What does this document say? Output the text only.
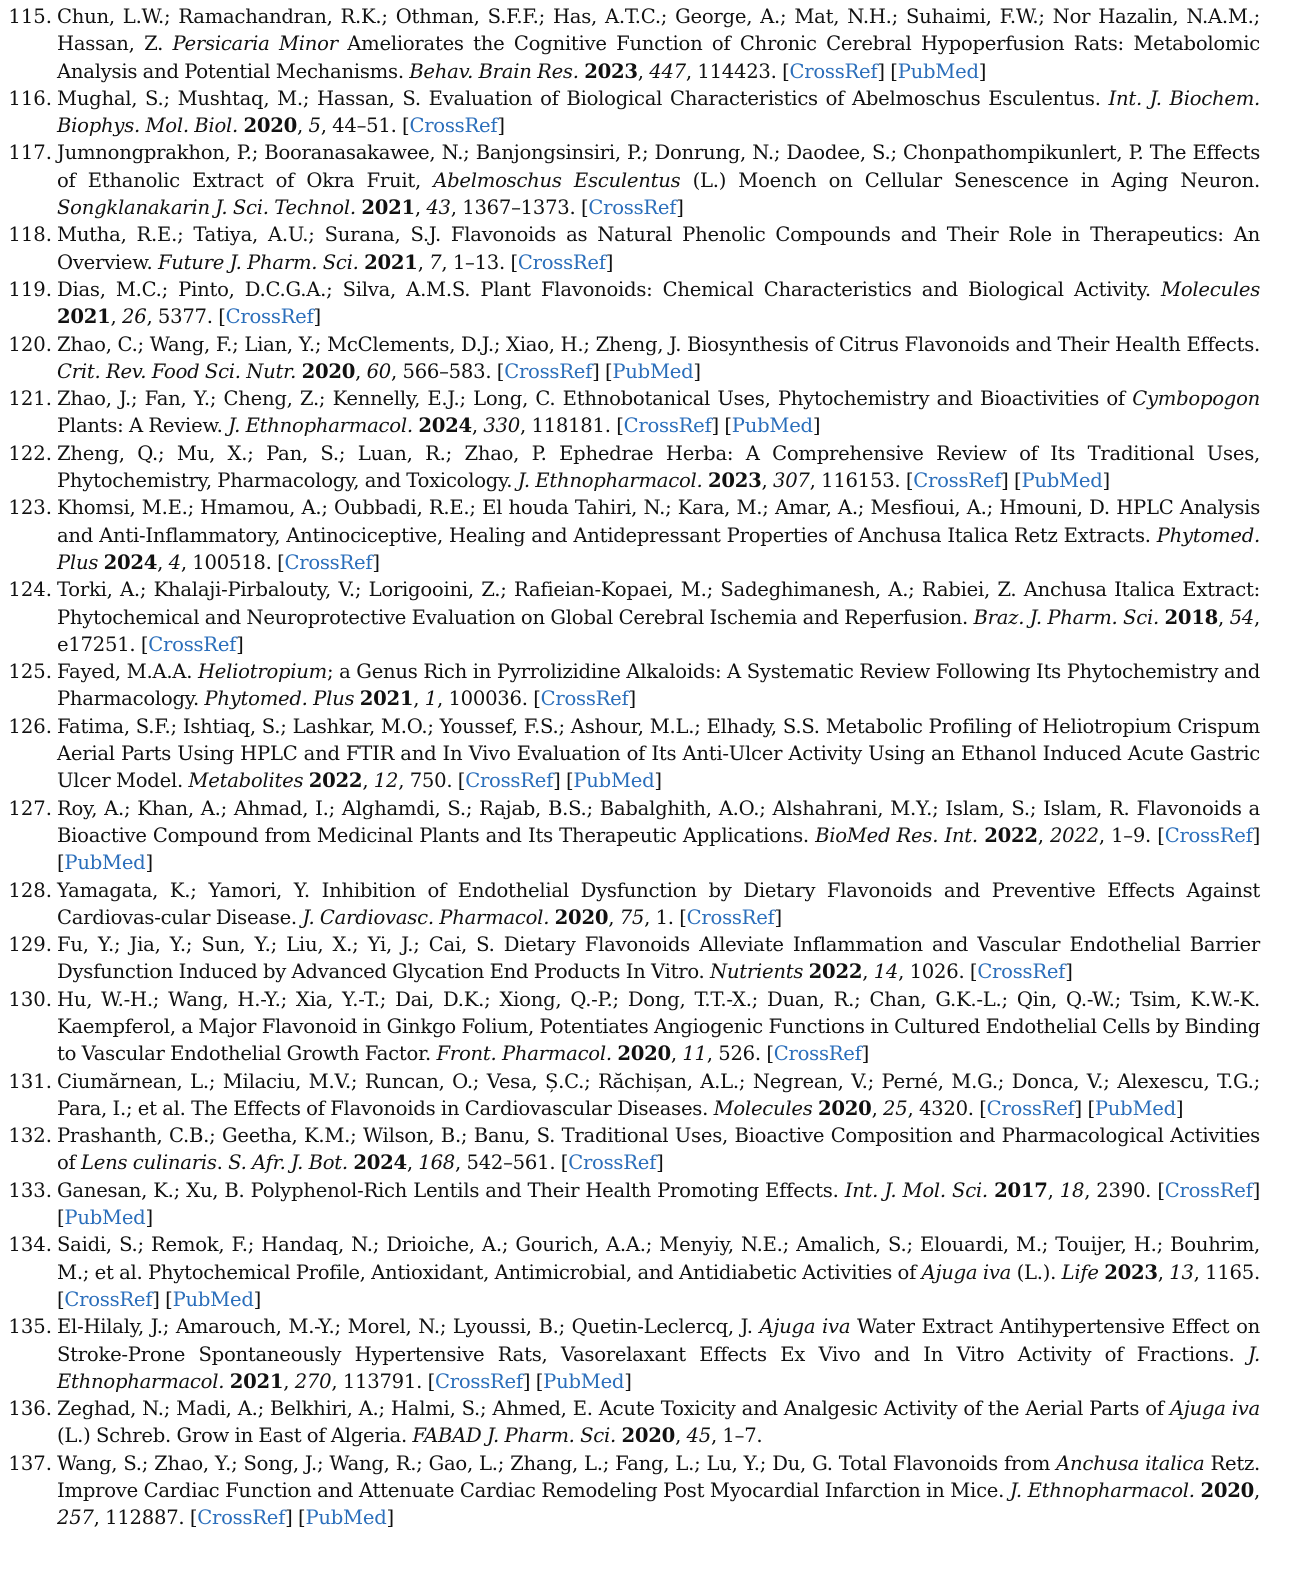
115. Chun, L.W.; Ramachandran, R.K.; Othman, S.F.F.; Has, A.T.C.; George, A.; Mat, N.H.; Suhaimi, F.W.; Nor Hazalin, N.A.M.; Hassan, Z. Persicaria Minor Ameliorates the Cognitive Function of Chronic Cerebral Hypoperfusion Rats: Metabolomic Analysis and Potential Mechanisms. Behav. Brain Res. 2023, 447, 114423. [CrossRef] [PubMed]
116. Mughal, S.; Mushtaq, M.; Hassan, S. Evaluation of Biological Characteristics of Abelmoschus Esculentus. Int. J. Biochem. Biophys. Mol. Biol. 2020, 5, 44–51. [CrossRef]
117. Jumnongprakhon, P.; Booranasakawee, N.; Banjongsinsiri, P.; Donrung, N.; Daodee, S.; Chonpathompikunlert, P. The Effects of Ethanolic Extract of Okra Fruit, Abelmoschus Esculentus (L.) Moench on Cellular Senescence in Aging Neuron. Songklanakarin J. Sci. Technol. 2021, 43, 1367–1373. [CrossRef]
118. Mutha, R.E.; Tatiya, A.U.; Surana, S.J. Flavonoids as Natural Phenolic Compounds and Their Role in Therapeutics: An Overview. Future J. Pharm. Sci. 2021, 7, 1–13. [CrossRef]
119. Dias, M.C.; Pinto, D.C.G.A.; Silva, A.M.S. Plant Flavonoids: Chemical Characteristics and Biological Activity. Molecules 2021, 26, 5377. [CrossRef]
120. Zhao, C.; Wang, F.; Lian, Y.; McClements, D.J.; Xiao, H.; Zheng, J. Biosynthesis of Citrus Flavonoids and Their Health Effects. Crit. Rev. Food Sci. Nutr. 2020, 60, 566–583. [CrossRef] [PubMed]
121. Zhao, J.; Fan, Y.; Cheng, Z.; Kennelly, E.J.; Long, C. Ethnobotanical Uses, Phytochemistry and Bioactivities of Cymbopogon Plants: A Review. J. Ethnopharmacol. 2024, 330, 118181. [CrossRef] [PubMed]
122. Zheng, Q.; Mu, X.; Pan, S.; Luan, R.; Zhao, P. Ephedrae Herba: A Comprehensive Review of Its Traditional Uses, Phytochemistry, Pharmacology, and Toxicology. J. Ethnopharmacol. 2023, 307, 116153. [CrossRef] [PubMed]
123. Khomsi, M.E.; Hmamou, A.; Oubbadi, R.E.; El houda Tahiri, N.; Kara, M.; Amar, A.; Mesfioui, A.; Hmouni, D. HPLC Analysis and Anti-Inflammatory, Antinociceptive, Healing and Antidepressant Properties of Anchusa Italica Retz Extracts. Phytomed. Plus 2024, 4, 100518. [CrossRef]
124. Torki, A.; Khalaji-Pirbalouty, V.; Lorigooini, Z.; Rafieian-Kopaei, M.; Sadeghimanesh, A.; Rabiei, Z. Anchusa Italica Extract: Phytochemical and Neuroprotective Evaluation on Global Cerebral Ischemia and Reperfusion. Braz. J. Pharm. Sci. 2018, 54, e17251. [CrossRef]
125. Fayed, M.A.A. Heliotropium; a Genus Rich in Pyrrolizidine Alkaloids: A Systematic Review Following Its Phytochemistry and Pharmacology. Phytomed. Plus 2021, 1, 100036. [CrossRef]
126. Fatima, S.F.; Ishtiaq, S.; Lashkar, M.O.; Youssef, F.S.; Ashour, M.L.; Elhady, S.S. Metabolic Profiling of Heliotropium Crispum Aerial Parts Using HPLC and FTIR and In Vivo Evaluation of Its Anti-Ulcer Activity Using an Ethanol Induced Acute Gastric Ulcer Model. Metabolites 2022, 12, 750. [CrossRef] [PubMed]
127. Roy, A.; Khan, A.; Ahmad, I.; Alghamdi, S.; Rajab, B.S.; Babalghith, A.O.; Alshahrani, M.Y.; Islam, S.; Islam, R. Flavonoids a Bioactive Compound from Medicinal Plants and Its Therapeutic Applications. BioMed Res. Int. 2022, 2022, 1–9. [CrossRef] [PubMed]
128. Yamagata, K.; Yamori, Y. Inhibition of Endothelial Dysfunction by Dietary Flavonoids and Preventive Effects Against Cardiovas-cular Disease. J. Cardiovasc. Pharmacol. 2020, 75, 1. [CrossRef]
129. Fu, Y.; Jia, Y.; Sun, Y.; Liu, X.; Yi, J.; Cai, S. Dietary Flavonoids Alleviate Inflammation and Vascular Endothelial Barrier Dysfunction Induced by Advanced Glycation End Products In Vitro. Nutrients 2022, 14, 1026. [CrossRef]
130. Hu, W.-H.; Wang, H.-Y.; Xia, Y.-T.; Dai, D.K.; Xiong, Q.-P.; Dong, T.T.-X.; Duan, R.; Chan, G.K.-L.; Qin, Q.-W.; Tsim, K.W.-K. Kaempferol, a Major Flavonoid in Ginkgo Folium, Potentiates Angiogenic Functions in Cultured Endothelial Cells by Binding to Vascular Endothelial Growth Factor. Front. Pharmacol. 2020, 11, 526. [CrossRef]
131. Ciumărnean, L.; Milaciu, M.V.; Runcan, O.; Vesa, Ș.C.; Răchișan, A.L.; Negrean, V.; Perné, M.G.; Donca, V.; Alexescu, T.G.; Para, I.; et al. The Effects of Flavonoids in Cardiovascular Diseases. Molecules 2020, 25, 4320. [CrossRef] [PubMed]
132. Prashanth, C.B.; Geetha, K.M.; Wilson, B.; Banu, S. Traditional Uses, Bioactive Composition and Pharmacological Activities of Lens culinaris. S. Afr. J. Bot. 2024, 168, 542–561. [CrossRef]
133. Ganesan, K.; Xu, B. Polyphenol-Rich Lentils and Their Health Promoting Effects. Int. J. Mol. Sci. 2017, 18, 2390. [CrossRef] [PubMed]
134. Saidi, S.; Remok, F.; Handaq, N.; Drioiche, A.; Gourich, A.A.; Menyiy, N.E.; Amalich, S.; Elouardi, M.; Touijer, H.; Bouhrim, M.; et al. Phytochemical Profile, Antioxidant, Antimicrobial, and Antidiabetic Activities of Ajuga iva (L.). Life 2023, 13, 1165. [CrossRef] [PubMed]
135. El-Hilaly, J.; Amarouch, M.-Y.; Morel, N.; Lyoussi, B.; Quetin-Leclercq, J. Ajuga iva Water Extract Antihypertensive Effect on Stroke-Prone Spontaneously Hypertensive Rats, Vasorelaxant Effects Ex Vivo and In Vitro Activity of Fractions. J. Ethnopharmacol. 2021, 270, 113791. [CrossRef] [PubMed]
136. Zeghad, N.; Madi, A.; Belkhiri, A.; Halmi, S.; Ahmed, E. Acute Toxicity and Analgesic Activity of the Aerial Parts of Ajuga iva (L.) Schreb. Grow in East of Algeria. FABAD J. Pharm. Sci. 2020, 45, 1–7.
137. Wang, S.; Zhao, Y.; Song, J.; Wang, R.; Gao, L.; Zhang, L.; Fang, L.; Lu, Y.; Du, G. Total Flavonoids from Anchusa italica Retz. Improve Cardiac Function and Attenuate Cardiac Remodeling Post Myocardial Infarction in Mice. J. Ethnopharmacol. 2020, 257, 112887. [CrossRef] [PubMed]
